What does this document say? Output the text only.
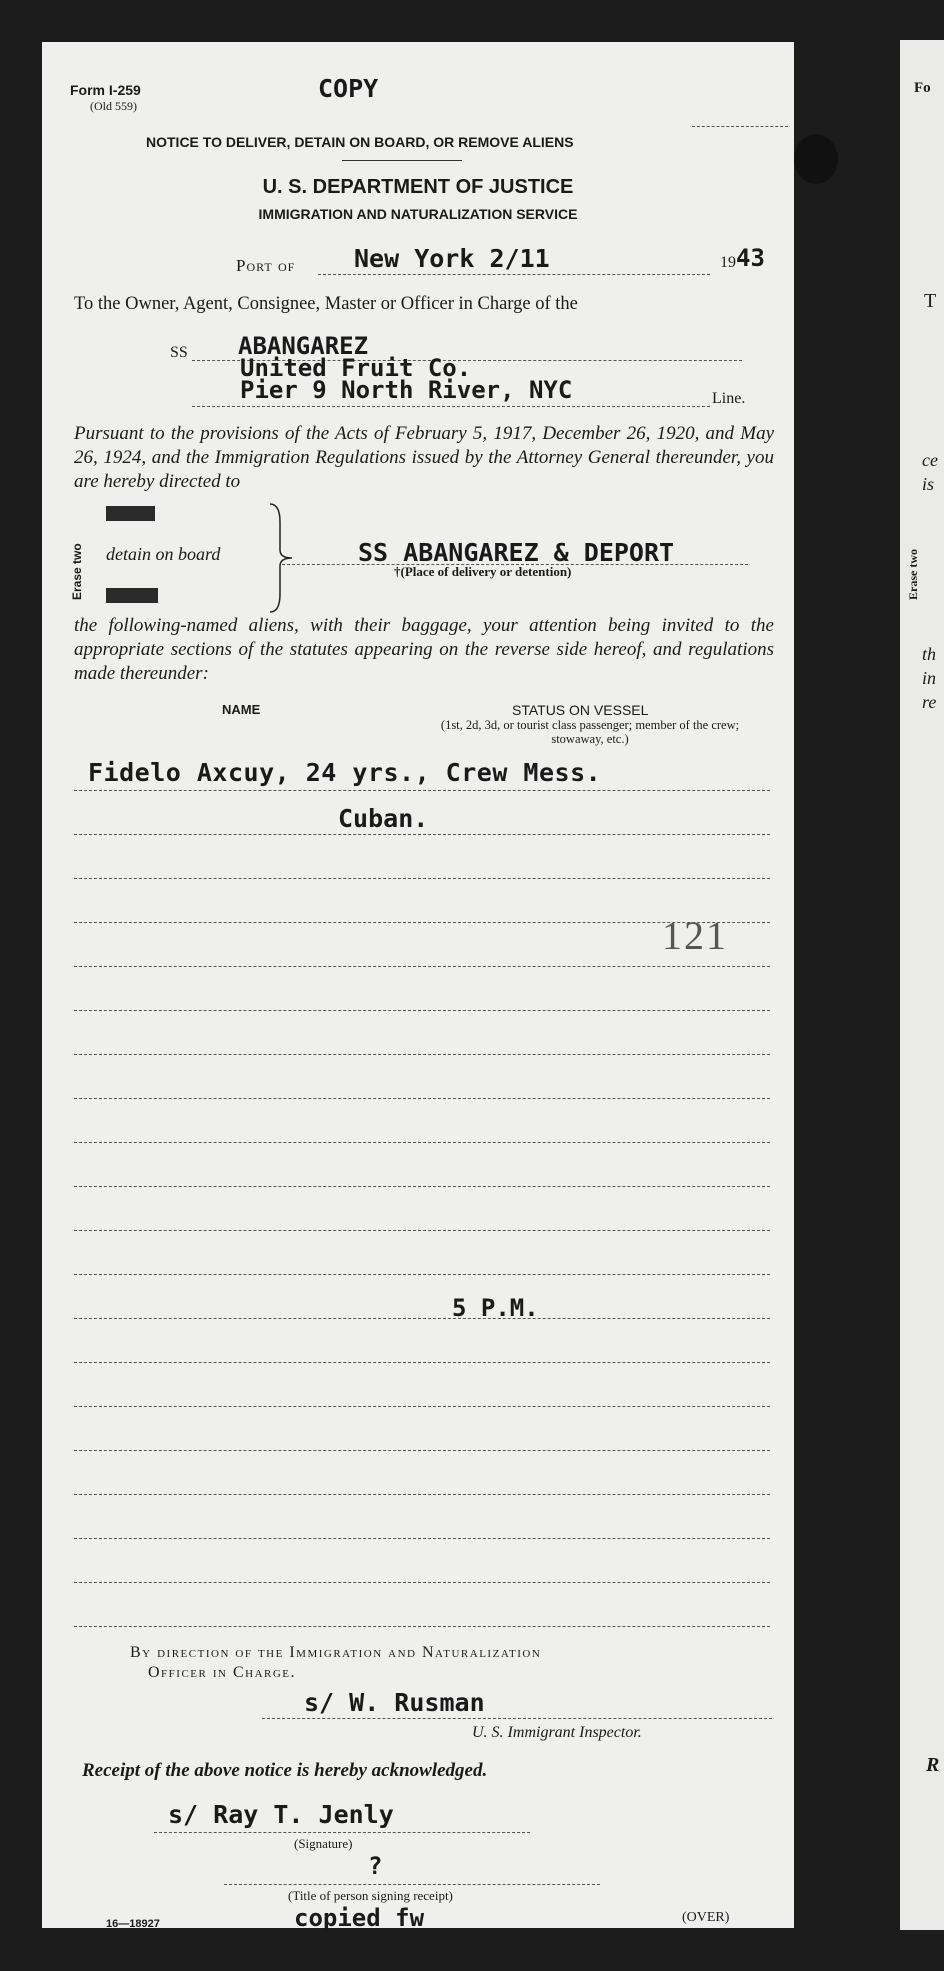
Fo
T
ce
is
Erase two
th
in
re
R
Form I-259
(Old 559)
COPY
NOTICE TO DELIVER, DETAIN ON BOARD, OR REMOVE ALIENS
U. S. DEPARTMENT OF JUSTICE
IMMIGRATION AND NATURALIZATION SERVICE
Port of New York 2/11	19 43
To the Owner, Agent, Consignee, Master or Officer in Charge of the
SS ABANGAREZ
United Fruit Co.
Pier 9 North River, NYC	Line.
Pursuant to the provisions of the Acts of February 5, 1917, December 26, 1920, and May 26, 1924, and the Immigration Regulations issued by the Attorney General thereunder, you are hereby directed to
Erase two detain on board	SS ABANGAREZ & DEPORT
†(Place of delivery or detention)
the following-named aliens, with their baggage, your attention being invited to the appropriate sections of the statutes appearing on the reverse side hereof, and regulations made thereunder:
NAME	STATUS ON VESSEL
(1st, 2d, 3d, or tourist class passenger; member of the crew; stowaway, etc.)
Fidelo Axcuy, 24 yrs., Crew Mess.
Cuban.
121
5 P.M.
By direction of the Immigration and Naturalization
Officer in Charge.
s/ W. Rusman
U. S. Immigrant Inspector.
Receipt of the above notice is hereby acknowledged.
s/ Ray T. Jenly
(Signature)
?
(Title of person signing receipt)
copied fw	(OVER)
16—18927
